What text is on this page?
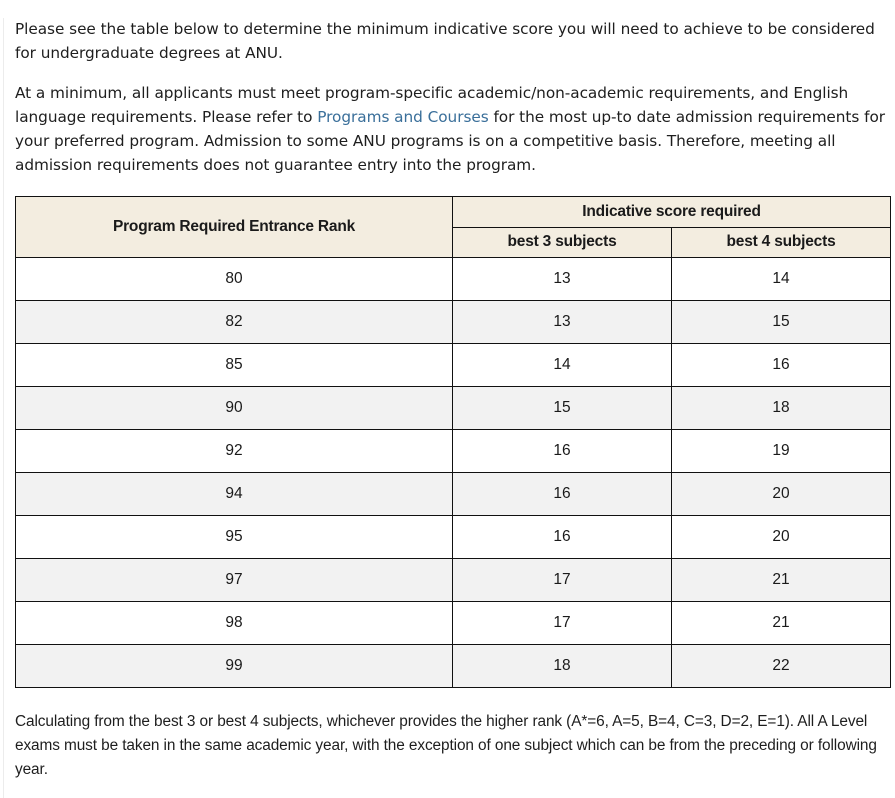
Please see the table below to determine the minimum indicative score you will need to achieve to be considered for undergraduate degrees at ANU.

At a minimum, all applicants must meet program-specific academic/non-academic requirements, and English language requirements. Please refer to Programs and Courses for the most up-to date admission requirements for your preferred program. Admission to some ANU programs is on a competitive basis. Therefore, meeting all admission requirements does not guarantee entry into the program.

Program Required Entrance Rank	Indicative score required	
	best 3 subjects	best 4 subjects
80	13	14
82	13	15
85	14	16
90	15	18
92	16	19
94	16	20
95	16	20
97	17	21
98	17	21
99	18	22

Calculating from the best 3 or best 4 subjects, whichever provides the higher rank (A*=6, A=5, B=4, C=3, D=2, E=1). All A Level exams must be taken in the same academic year, with the exception of one subject which can be from the preceding or following year.
